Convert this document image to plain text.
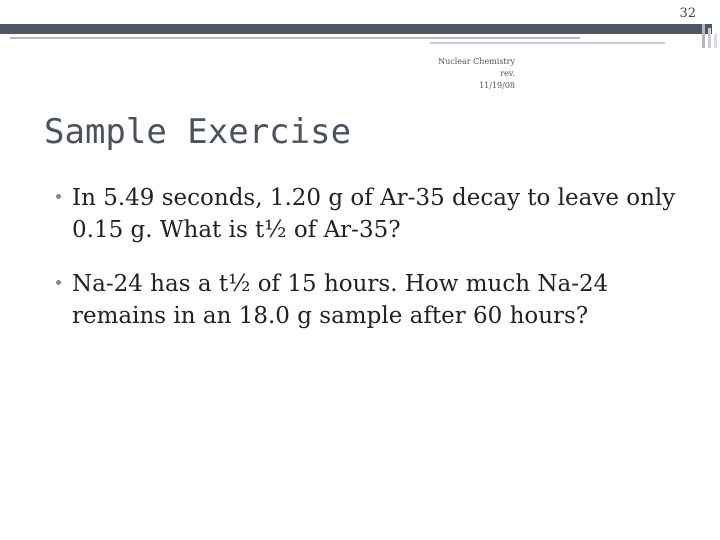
32
Nuclear Chemistry rev.
11/19/08
Sample Exercise
In 5.49 seconds, 1.20 g of Ar-35 decay to leave only 0.15 g. What is t½ of Ar-35?
Na-24 has a t½ of 15 hours. How much Na-24 remains in an 18.0 g sample after 60 hours?
